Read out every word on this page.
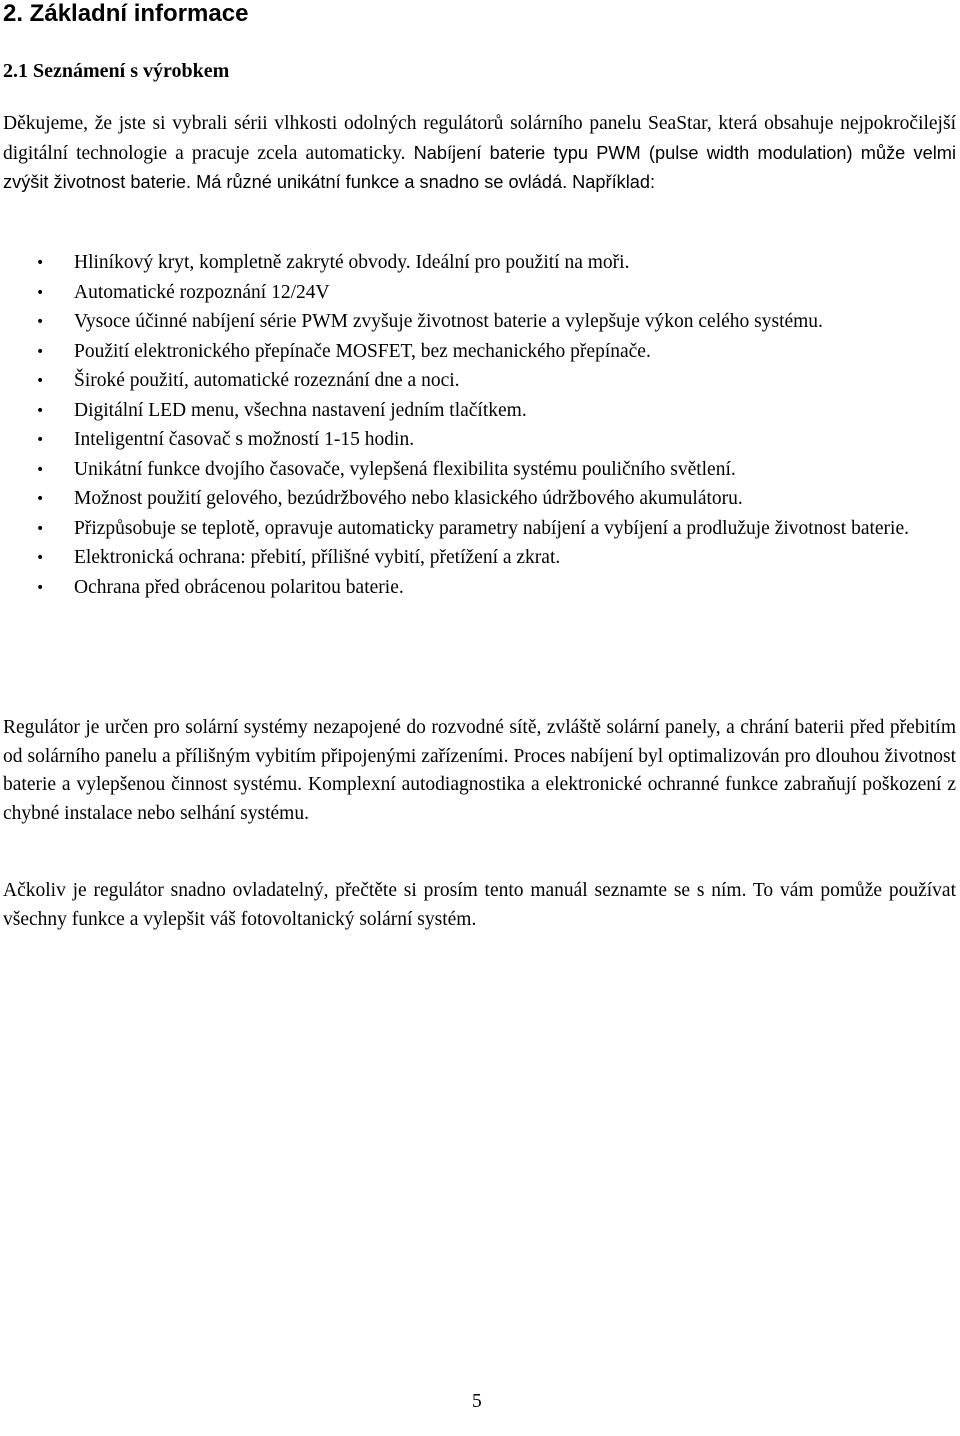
2. Základní informace
2.1 Seznámení s výrobkem

Děkujeme, že jste si vybrali sérii vlhkosti odolných regulátorů solárního panelu SeaStar, která obsahuje nejpokročilejší digitální technologie a pracuje zcela automaticky. Nabíjení baterie typu PWM (pulse width modulation) může velmi zvýšit životnost baterie. Má různé unikátní funkce a snadno se ovládá. Například:

• Hliníkový kryt, kompletně zakryté obvody. Ideální pro použití na moři.
• Automatické rozpoznání 12/24V
• Vysoce účinné nabíjení série PWM zvyšuje životnost baterie a vylepšuje výkon celého systému.
• Použití elektronického přepínače MOSFET, bez mechanického přepínače.
• Široké použití, automatické rozeznání dne a noci.
• Digitální LED menu, všechna nastavení jedním tlačítkem.
• Inteligentní časovač s možností 1-15 hodin.
• Unikátní funkce dvojího časovače, vylepšená flexibilita systému pouličního světlení.
• Možnost použití gelového, bezúdržbového nebo klasického údržbového akumulátoru.
• Přizpůsobuje se teplotě, opravuje automaticky parametry nabíjení a vybíjení a prodlužuje životnost baterie.
• Elektronická ochrana: přebití, přílišné vybití, přetížení a zkrat.
• Ochrana před obrácenou polaritou baterie.

Regulátor je určen pro solární systémy nezapojené do rozvodné sítě, zvláště solární panely, a chrání baterii před přebitím od solárního panelu a přílišným vybitím připojenými zařízeními. Proces nabíjení byl optimalizován pro dlouhou životnost baterie a vylepšenou činnost systému. Komplexní autodiagnostika a elektronické ochranné funkce zabraňují poškození z chybné instalace nebo selhání systému.

Ačkoliv je regulátor snadno ovladatelný, přečtěte si prosím tento manuál seznamte se s ním. To vám pomůže používat všechny funkce a vylepšit váš fotovoltanický solární systém.

5
